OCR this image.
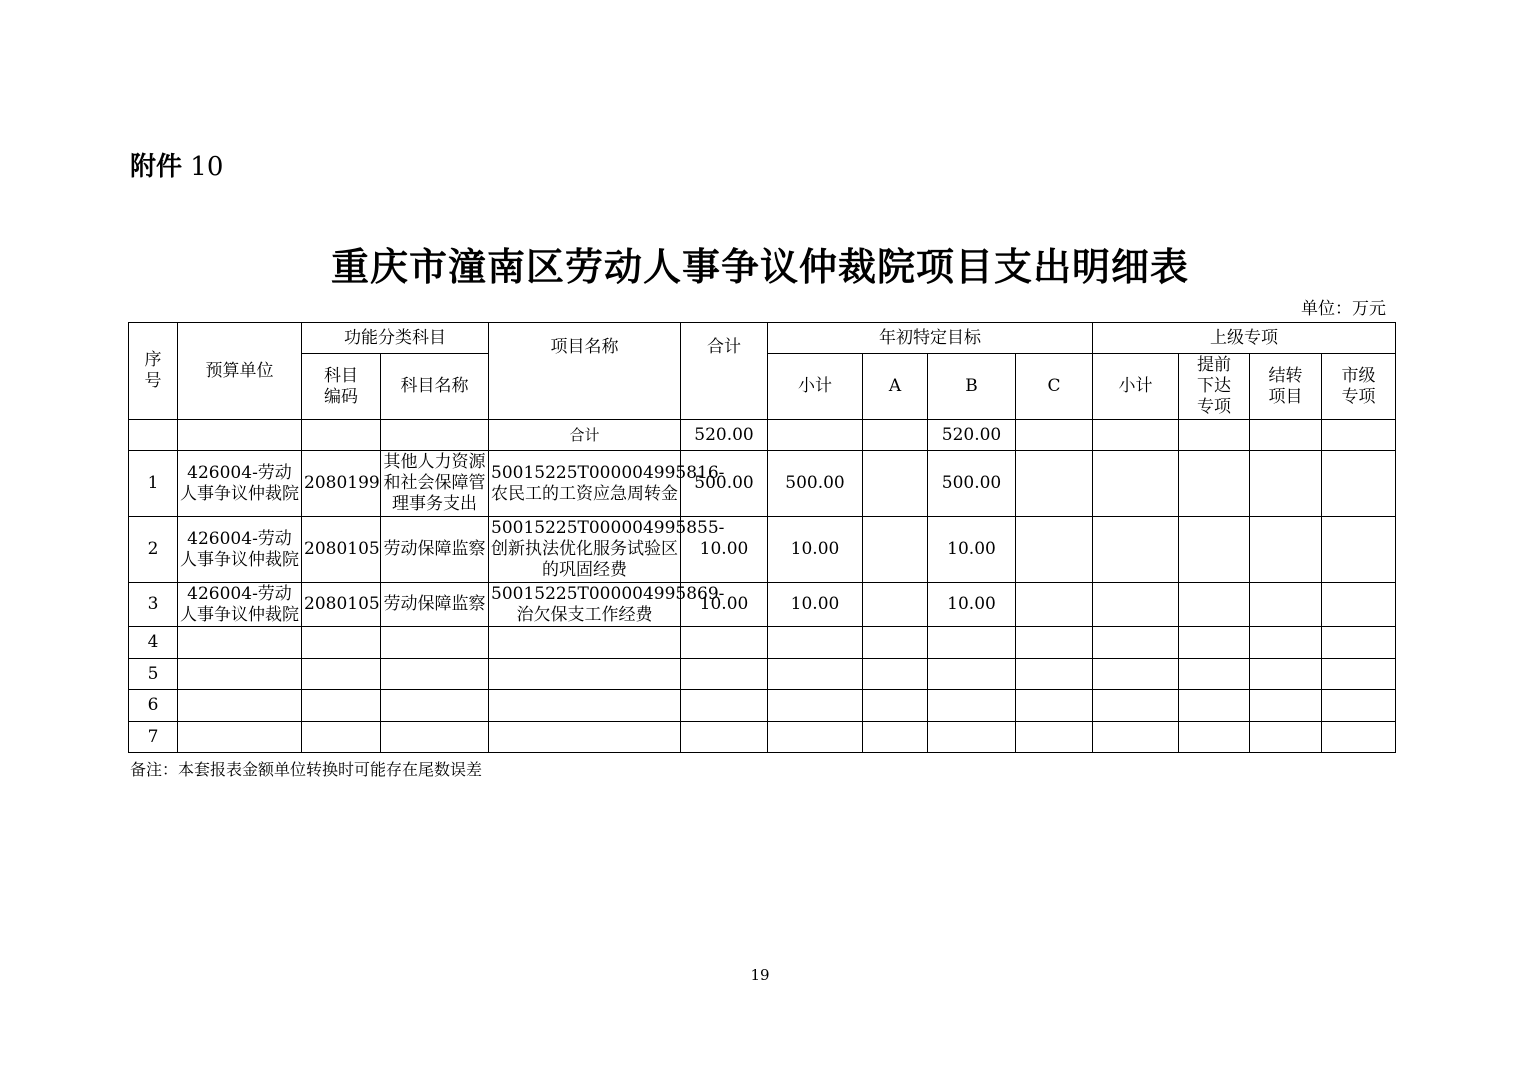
附件 10
重庆市潼南区劳动人事争议仲裁院项目支出明细表
单位：万元
序号	预算单位	功能分类科目		项目名称	合计	年初特定目标				上级专项			

		科目编码	科目名称			小计	A	B	C	小计	提前下达专项	结转项目	市级专项

				合计	520.00			520.00					
1	426004-劳动人事争议仲裁院	2080199	其他人力资源和社会保障管理事务支出	50015225T000004995816-农民工的工资应急周转金	500.00	500.00		500.00					
2	426004-劳动人事争议仲裁院	2080105	劳动保障监察	50015225T000004995855-创新执法优化服务试验区的巩固经费	10.00	10.00		10.00					
3	426004-劳动人事争议仲裁院	2080105	劳动保障监察	50015225T000004995869-治欠保支工作经费	10.00	10.00		10.00					
4													
5													
6													
7													
备注：本套报表金额单位转换时可能存在尾数误差
19
